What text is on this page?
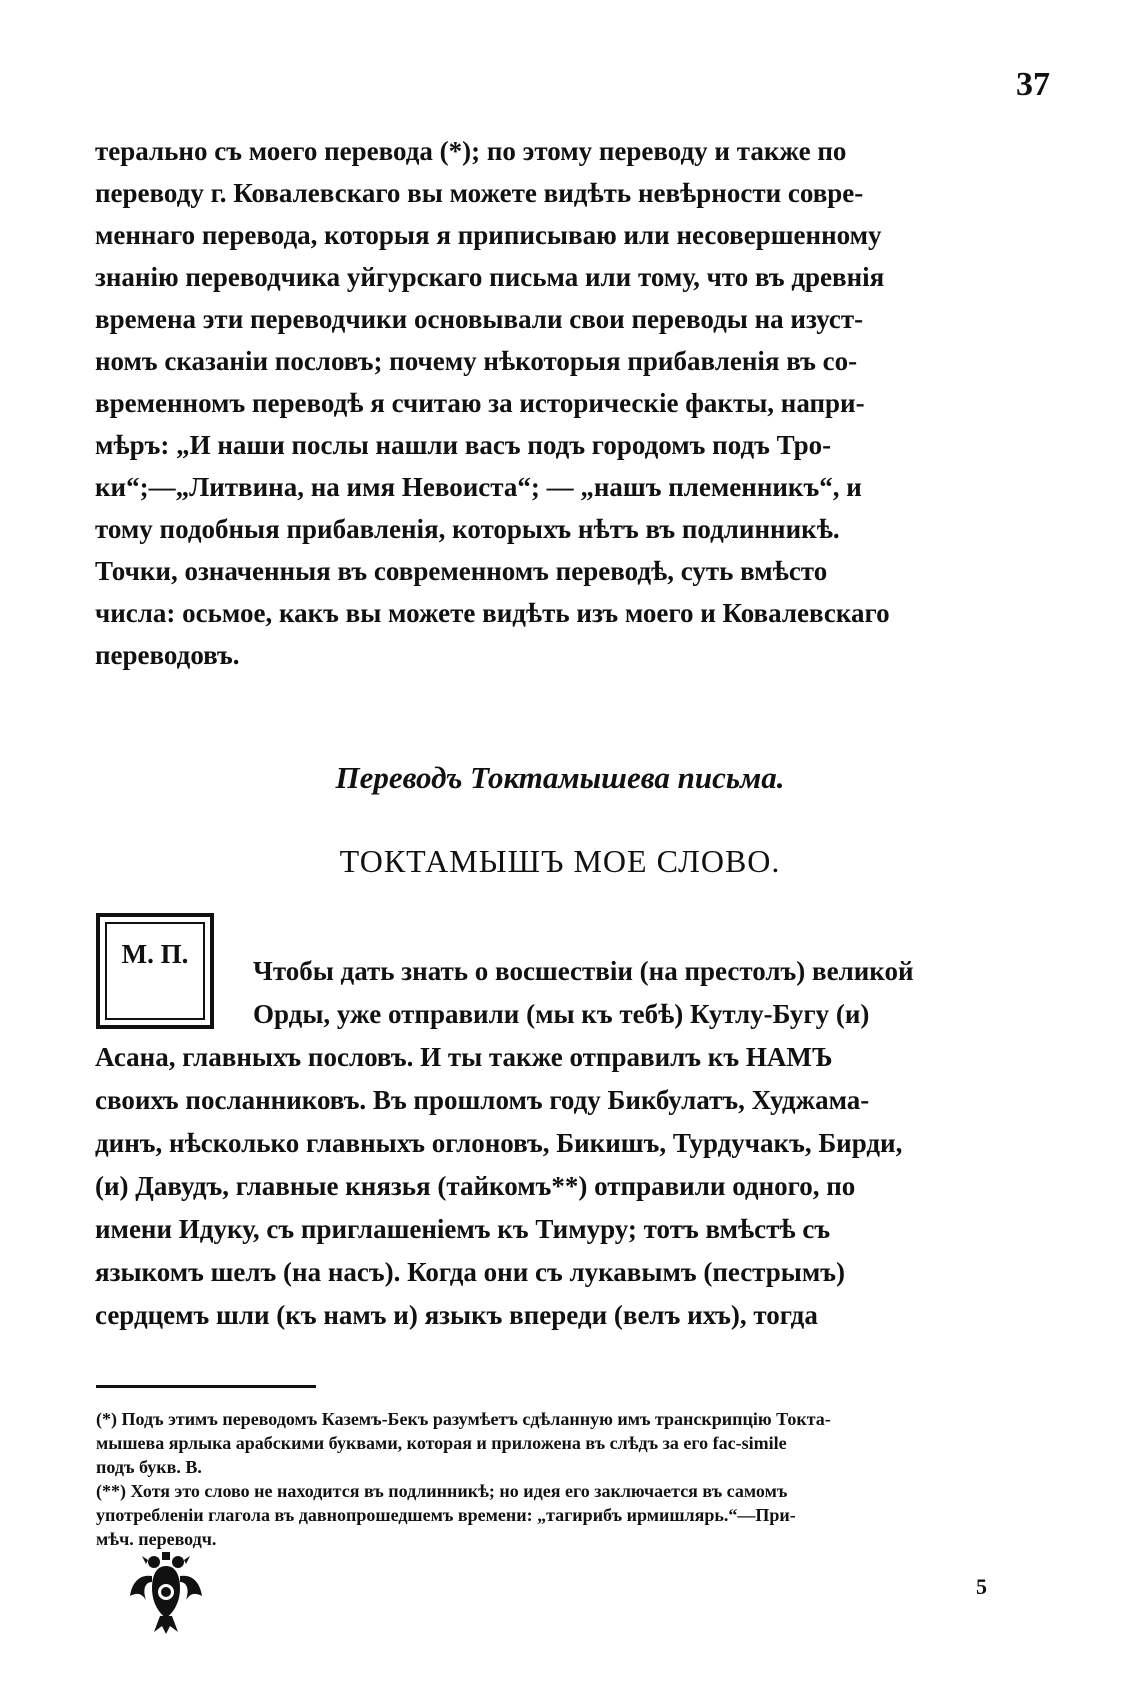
37
терально съ моего перевода (*); по этому переводу и также по
переводу г. Ковалевскаго вы можете видѣть невѣрности совре-
меннаго перевода, которыя я приписываю или несовершенному
знанію переводчика уйгурскаго письма или тому, что въ древнія
времена эти переводчики основывали свои переводы на изуст-
номъ сказаніи пословъ; почему нѣкоторыя прибавленія въ со-
временномъ переводѣ я считаю за историческіе факты, напри-
мѣръ: „И наши послы нашли васъ подъ городомъ подъ Тро-
ки“;—„Литвина, на имя Невоиста“; — „нашъ племенникъ“, и
тому подобныя прибавленія, которыхъ нѣтъ въ подлинникѣ.
Точки, означенныя въ современномъ переводѣ, суть вмѣсто
числа: осьмое, какъ вы можете видѣть изъ моего и Ковалевскаго
переводовъ.
Переводъ Токтамышева письма.
ТОКТАМЫШЪ МОЕ СЛОВО.
М. П.
Чтобы дать знать о восшествіи (на престолъ) великой
Орды, уже отправили (мы къ тебѣ) Кутлу-Бугу (и)
Асана, главныхъ пословъ. И ты также отправилъ къ НАМЪ
своихъ посланниковъ. Въ прошломъ году Бикбулатъ, Худжама-
динъ, нѣсколько главныхъ оглоновъ, Бикишъ, Турдучакъ, Бирди,
(и) Давудъ, главные князья (тайкомъ**) отправили одного, по
имени Идуку, съ приглашеніемъ къ Тимуру; тотъ вмѣстѣ съ
языкомъ шелъ (на насъ). Когда они съ лукавымъ (пестрымъ)
сердцемъ шли (къ намъ и) языкъ впереди (велъ ихъ), тогда
(*) Подъ этимъ переводомъ Каземъ-Бекъ разумѣетъ сдѣланную имъ транскрипцію Токта-
мышева ярлыка арабскими буквами, которая и приложена въ слѣдъ за его fac-simile
подъ букв. В.
(**) Хотя это слово не находится въ подлинникѣ; но идея его заключается въ самомъ
употребленіи глагола въ давнопрошедшемъ времени: „тагирибъ ирмишлярь.“—При-
мѣч. переводч.
5
